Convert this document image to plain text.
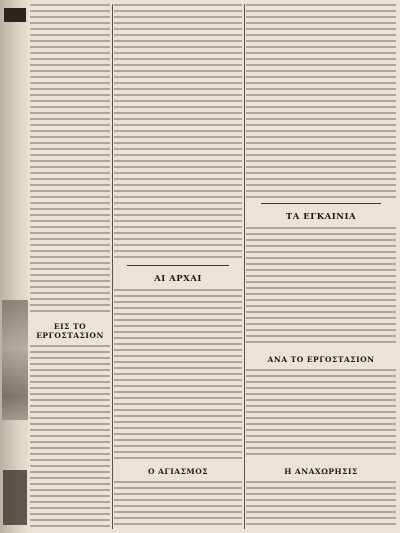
ΕΙΣ ΤΟ ΕΡΓΟΣΤΑΣΙΟΝ
ΑΙ ΑΡΧΑΙ
Ο ΑΓΙΑΣΜΟΣ
ΤΑ ΕΓΚΑΙΝΙΑ
ΑΝΑ ΤΟ ΕΡΓΟΣΤΑΣΙΟΝ
Η ΑΝΑΧΩΡΗΣΙΣ
